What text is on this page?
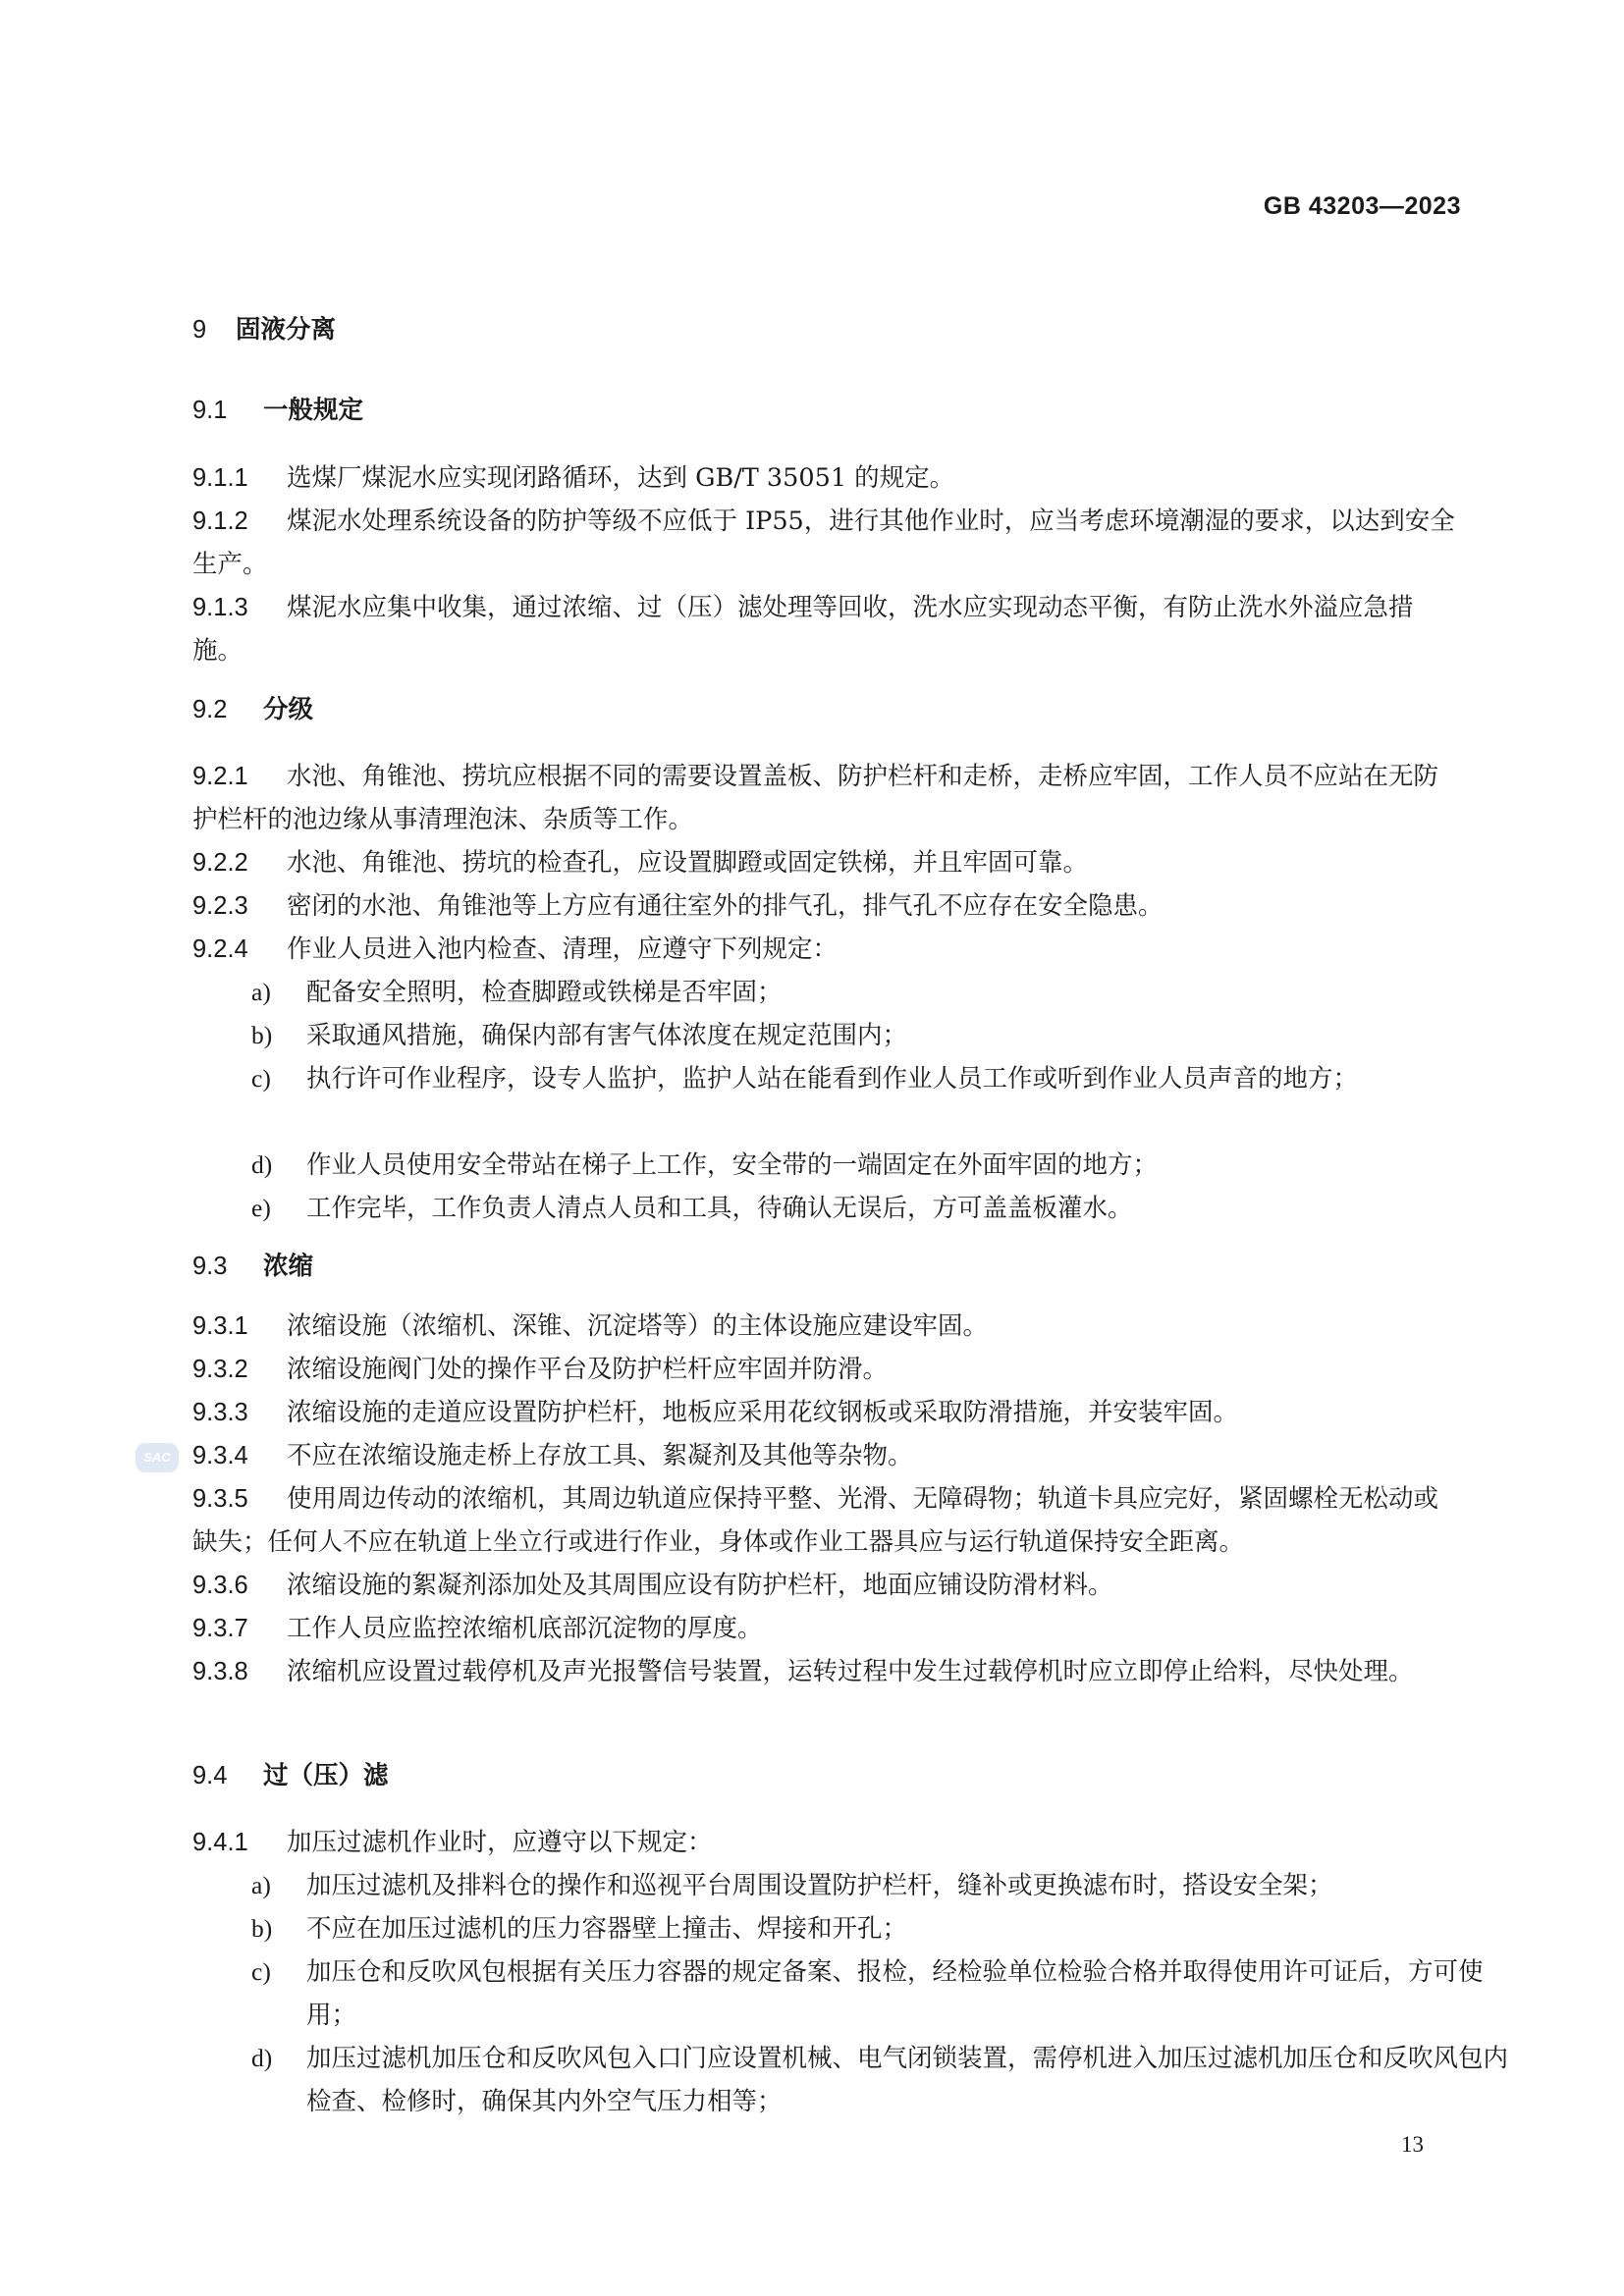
GB 43203—2023
SAC
9 固液分离
9.1 一般规定
9.1.1 选煤厂煤泥水应实现闭路循环，达到 GB/T 35051 的规定。
9.1.2 煤泥水处理系统设备的防护等级不应低于 IP55，进行其他作业时，应当考虑环境潮湿的要求，以达到安全生产。
9.1.3 煤泥水应集中收集，通过浓缩、过（压）滤处理等回收，洗水应实现动态平衡，有防止洗水外溢应急措施。
9.2 分级
9.2.1 水池、角锥池、捞坑应根据不同的需要设置盖板、防护栏杆和走桥，走桥应牢固，工作人员不应站在无防护栏杆的池边缘从事清理泡沫、杂质等工作。
9.2.2 水池、角锥池、捞坑的检查孔，应设置脚蹬或固定铁梯，并且牢固可靠。
9.2.3 密闭的水池、角锥池等上方应有通往室外的排气孔，排气孔不应存在安全隐患。
9.2.4 作业人员进入池内检查、清理，应遵守下列规定：
a) 配备安全照明，检查脚蹬或铁梯是否牢固；
b) 采取通风措施，确保内部有害气体浓度在规定范围内；
c) 执行许可作业程序，设专人监护，监护人站在能看到作业人员工作或听到作业人员声音的地方；
d) 作业人员使用安全带站在梯子上工作，安全带的一端固定在外面牢固的地方；
e) 工作完毕，工作负责人清点人员和工具，待确认无误后，方可盖盖板灌水。
9.3 浓缩
9.3.1 浓缩设施（浓缩机、深锥、沉淀塔等）的主体设施应建设牢固。
9.3.2 浓缩设施阀门处的操作平台及防护栏杆应牢固并防滑。
9.3.3 浓缩设施的走道应设置防护栏杆，地板应采用花纹钢板或采取防滑措施，并安装牢固。
9.3.4 不应在浓缩设施走桥上存放工具、絮凝剂及其他等杂物。
9.3.5 使用周边传动的浓缩机，其周边轨道应保持平整、光滑、无障碍物；轨道卡具应完好，紧固螺栓无松动或缺失；任何人不应在轨道上坐立行或进行作业，身体或作业工器具应与运行轨道保持安全距离。
9.3.6 浓缩设施的絮凝剂添加处及其周围应设有防护栏杆，地面应铺设防滑材料。
9.3.7 工作人员应监控浓缩机底部沉淀物的厚度。
9.3.8 浓缩机应设置过载停机及声光报警信号装置，运转过程中发生过载停机时应立即停止给料，尽快处理。
9.4 过（压）滤
9.4.1 加压过滤机作业时，应遵守以下规定：
a) 加压过滤机及排料仓的操作和巡视平台周围设置防护栏杆，缝补或更换滤布时，搭设安全架；
b) 不应在加压过滤机的压力容器壁上撞击、焊接和开孔；
c) 加压仓和反吹风包根据有关压力容器的规定备案、报检，经检验单位检验合格并取得使用许可证后，方可使用；
d) 加压过滤机加压仓和反吹风包入口门应设置机械、电气闭锁装置，需停机进入加压过滤机加压仓和反吹风包内检查、检修时，确保其内外空气压力相等；
13
